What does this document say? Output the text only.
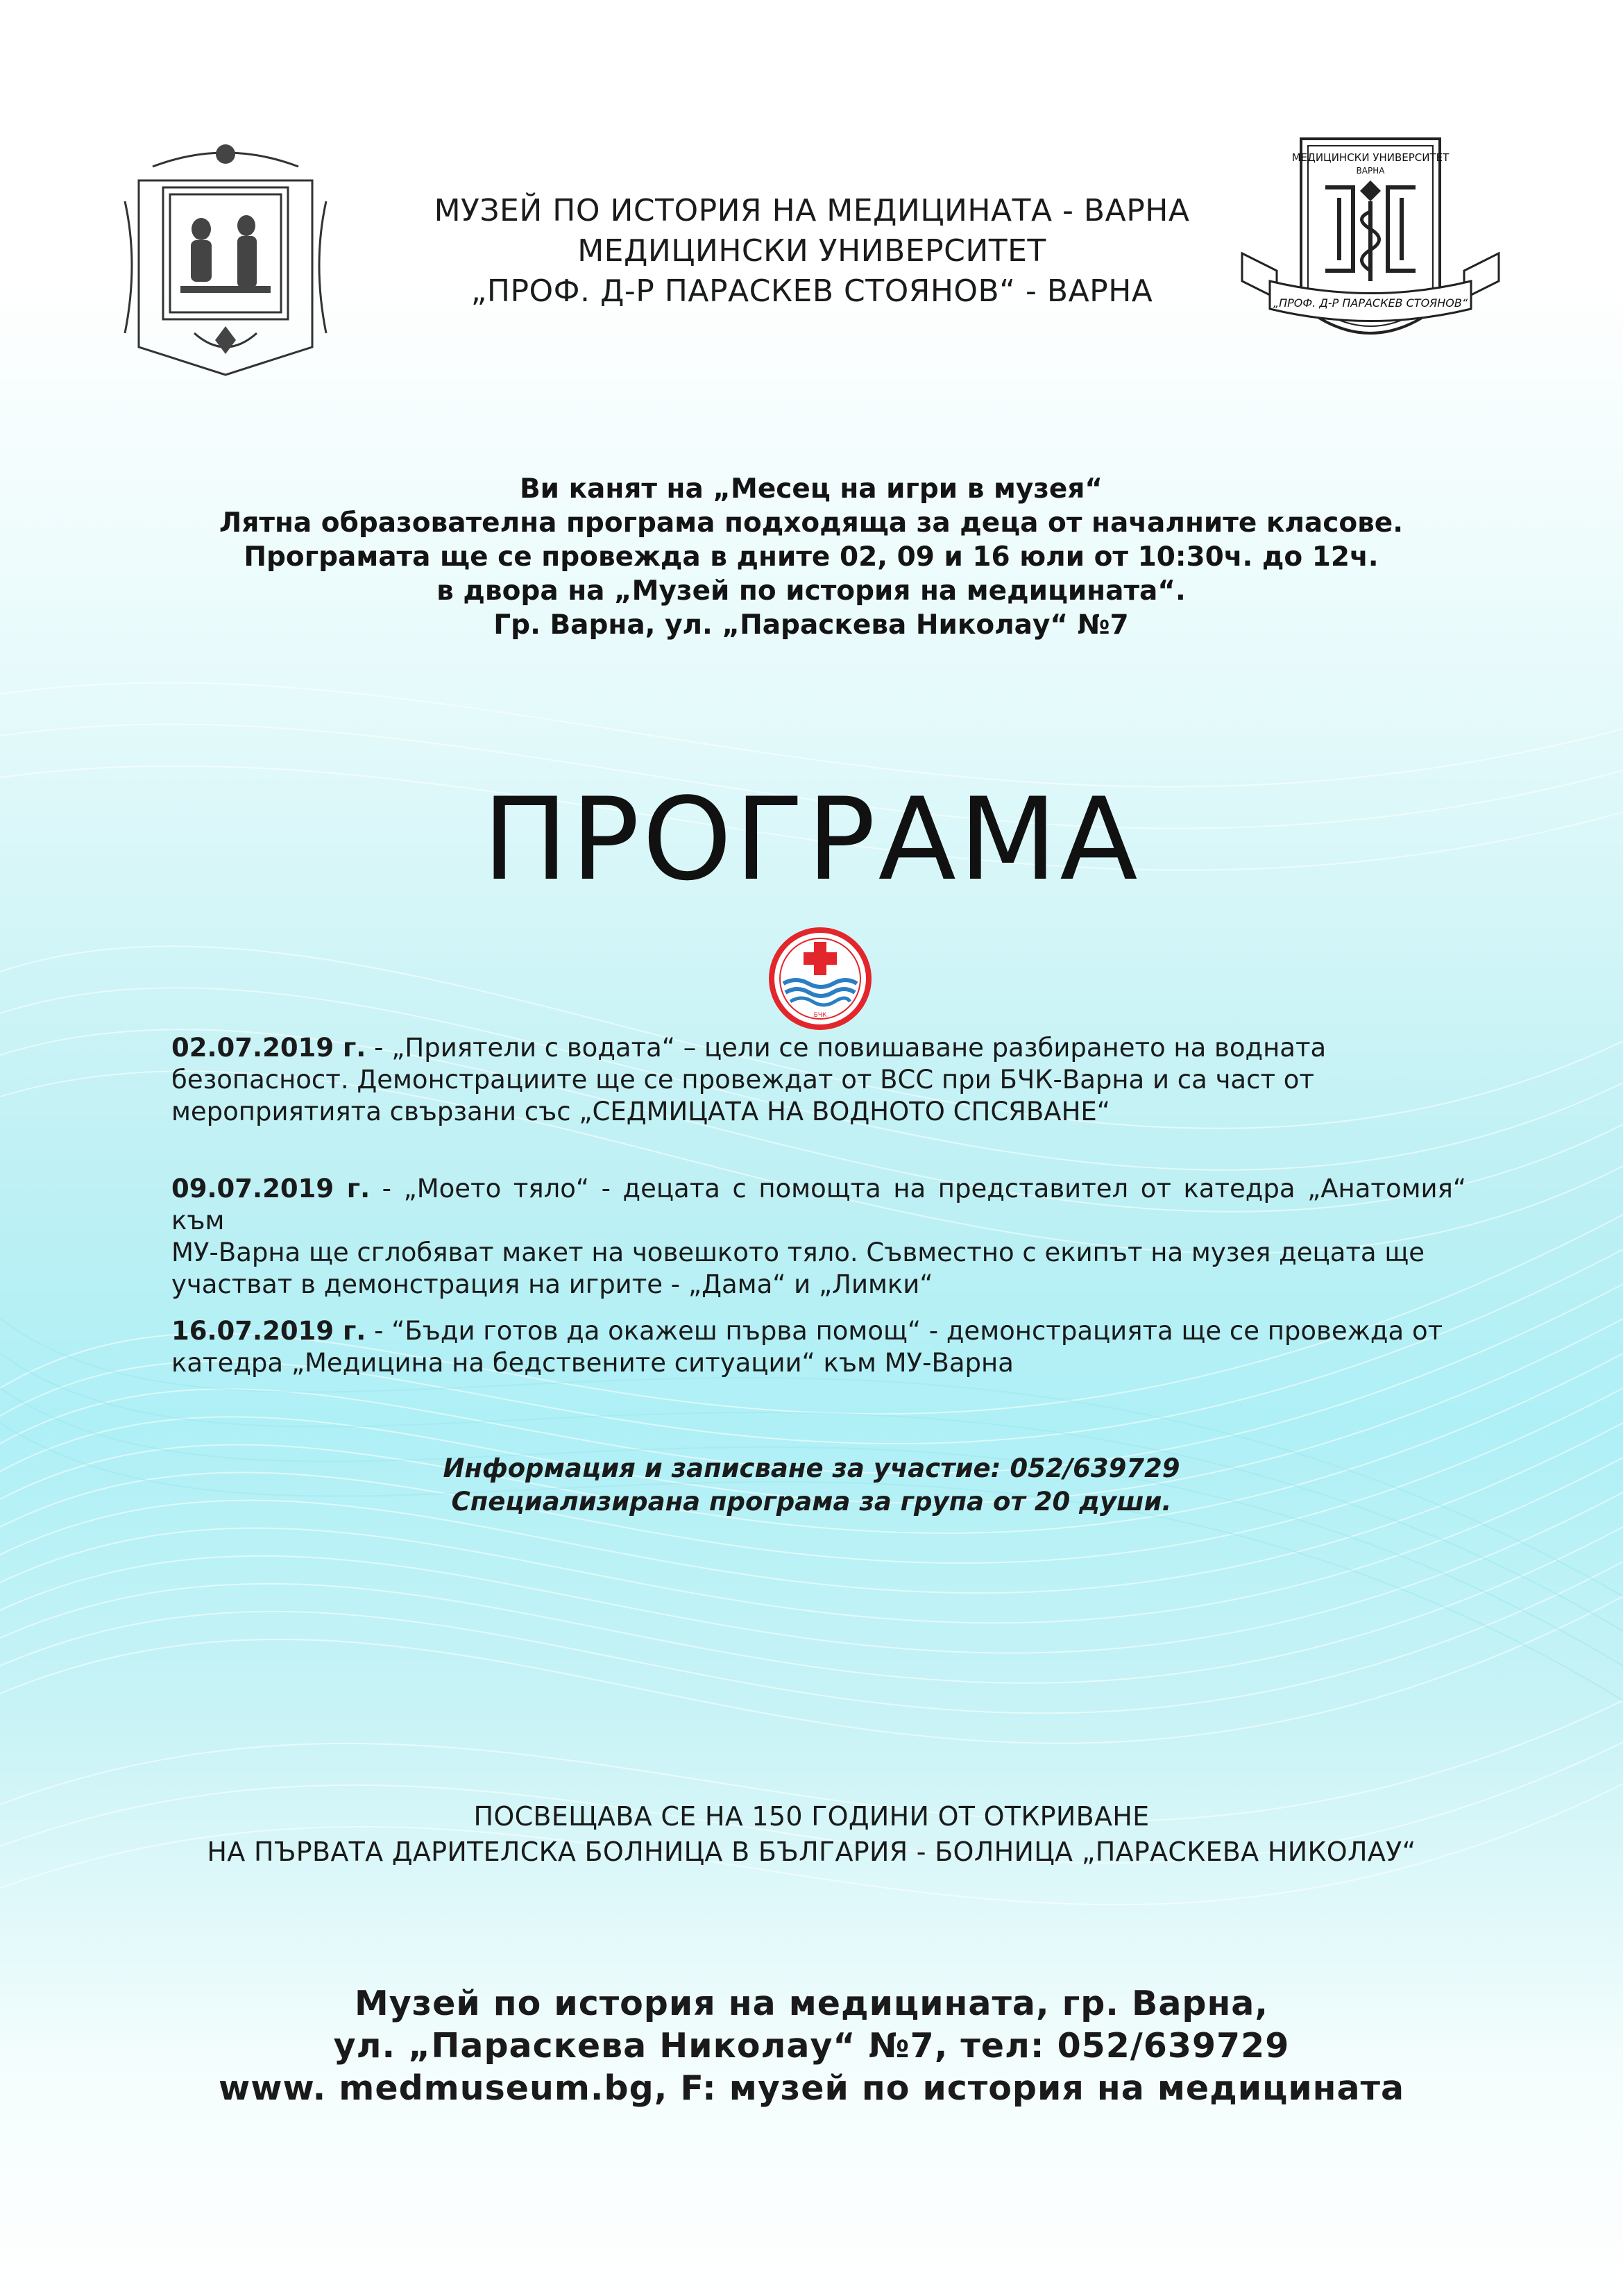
МУЗЕЙ ПО ИСТОРИЯ НА МЕДИЦИНАТА - ВАРНА
МЕДИЦИНСКИ УНИВЕРСИТЕТ
„ПРОФ. Д-Р ПАРАСКЕВ СТОЯНОВ“ - ВАРНА
МЕДИЦИНСКИ УНИВЕРСИТЕТ
ВАРНА
„ПРОФ. Д-Р ПАРАСКЕВ СТОЯНОВ“
Ви канят на „Месец на игри в музея“
Лятна образователна програма подходяща за деца от началните класове.
Програмата ще се провежда в дните 02, 09 и 16 юли от 10:30ч. до 12ч.
в двора на „Музей по история на медицината“.
Гр. Варна, ул. „Параскева Николау“ №7
ПРОГРАМА
БЧК
02.07.2019 г. - „Приятели с водата“ – цели се повишаване разбирането на водната
безопасност. Демонстрациите ще се провеждат от ВСС при БЧК-Варна и са част от
мероприятията свързани със „СЕДМИЦАТА НА ВОДНОТО СПСЯВАНЕ“
09.07.2019 г. - „Моето тяло“ - децата с помощта на представител от катедра „Анатомия“ към
МУ-Варна ще сглобяват макет на човешкото тяло. Съвместно с екипът на музея децата ще
участват в демонстрация на игрите - „Дама“ и „Лимки“
16.07.2019 г. - “Бъди готов да окажеш първа помощ“ - демонстрацията ще се провежда от
катедра „Медицина на бедствените ситуации“ към МУ-Варна
Информация и записване за участие: 052/639729
Специализирана програма за група от 20 души.
ПОСВЕЩАВА СЕ НА 150 ГОДИНИ ОТ ОТКРИВАНЕ
НА ПЪРВАТА ДАРИТЕЛСКА БОЛНИЦА В БЪЛГАРИЯ - БОЛНИЦА „ПАРАСКЕВА НИКОЛАУ“
Музей по история на медицината, гр. Варна,
ул. „Параскева Николау“ №7, тел: 052/639729
www. medmuseum.bg, F: музей по история на медицината
